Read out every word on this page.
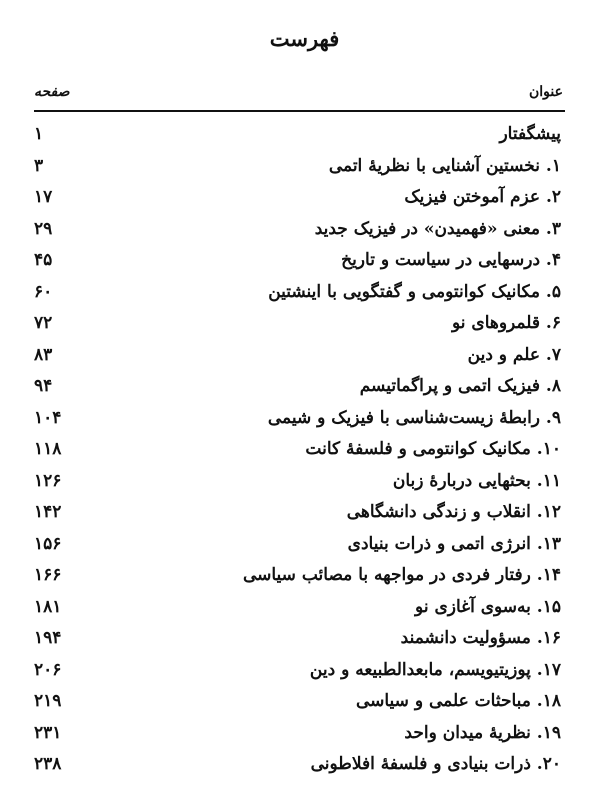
فهرست
عنوان
صفحه
پیشگفتار
۱
۱. نخستین آشنایی با نظریهٔ اتمی
۳
۲. عزم آموختن فیزیک
۱۷
۳. معنی «فهمیدن» در فیزیک جدید
۲۹
۴. درسهایی در سیاست و تاریخ
۴۵
۵. مکانیک کوانتومی و گفتگویی با اینشتین
۶۰
۶. قلمروهای نو
۷۲
۷. علم و دین
۸۳
۸. فیزیک اتمی و پراگماتیسم
۹۴
۹. رابطهٔ زیست‌شناسی با فیزیک و شیمی
۱۰۴
۱۰. مکانیک کوانتومی و فلسفهٔ کانت
۱۱۸
۱۱. بحثهایی دربارهٔ زبان
۱۲۶
۱۲. انقلاب و زندگی دانشگاهی
۱۴۲
۱۳. انرژی اتمی و ذرات بنیادی
۱۵۶
۱۴. رفتار فردی در مواجهه با مصائب سیاسی
۱۶۶
۱۵. به‌سوی آغازی نو
۱۸۱
۱۶. مسؤولیت دانشمند
۱۹۴
۱۷. پوزیتیویسم، مابعدالطبیعه و دین
۲۰۶
۱۸. مباحثات علمی و سیاسی
۲۱۹
۱۹. نظریهٔ میدان واحد
۲۳۱
۲۰. ذرات بنیادی و فلسفهٔ افلاطونی
۲۳۸
